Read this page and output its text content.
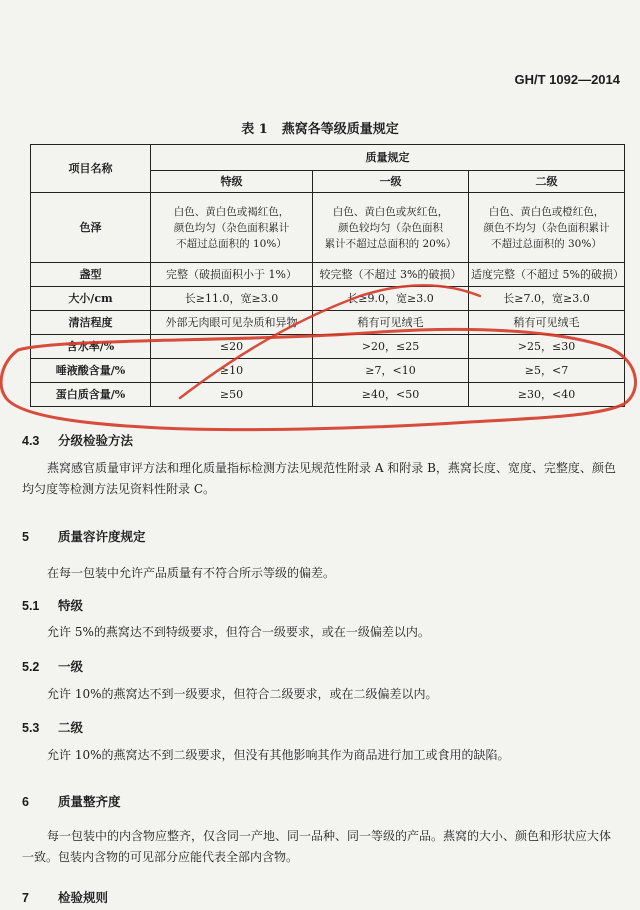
GH/T 1092—2014
表 1 燕窝各等级质量规定
项目名称	质量规定		
	特级	一级	二级
色泽	白色、黄白色或褐红色，
颜色均匀（杂色面积累计
不超过总面积的 10%）	白色、黄白色或灰红色，
颜色较均匀（杂色面积
累计不超过总面积的 20%）	白色、黄白色或橙红色，
颜色不均匀（杂色面积累计
不超过总面积的 30%）
盏型	完整（破损面积小于 1%）	较完整（不超过 3%的破损）	适度完整（不超过 5%的破损）
大小/cm	长≥11.0，宽≥3.0	长≥9.0，宽≥3.0	长≥7.0，宽≥3.0
清洁程度	外部无肉眼可见杂质和异物	稍有可见绒毛	稍有可见绒毛
含水率/%	≤20	>20，≤25	>25，≤30
唾液酸含量/%	≥10	≥7，<10	≥5，<7
蛋白质含量/%	≥50	≥40，<50	≥30，<40
4.3 分级检验方法
燕窝感官质量审评方法和理化质量指标检测方法见规范性附录 A 和附录 B，燕窝长度、宽度、完整度、颜色均匀度等检测方法见资料性附录 C。
5 质量容许度规定
在每一包装中允许产品质量有不符合所示等级的偏差。
5.1 特级
允许 5%的燕窝达不到特级要求，但符合一级要求，或在一级偏差以内。
5.2 一级
允许 10%的燕窝达不到一级要求，但符合二级要求，或在二级偏差以内。
5.3 二级
允许 10%的燕窝达不到二级要求，但没有其他影响其作为商品进行加工或食用的缺陷。
6 质量整齐度
每一包装中的内含物应整齐，仅含同一产地、同一品种、同一等级的产品。燕窝的大小、颜色和形状应大体一致。包装内含物的可见部分应能代表全部内含物。
7 检验规则
